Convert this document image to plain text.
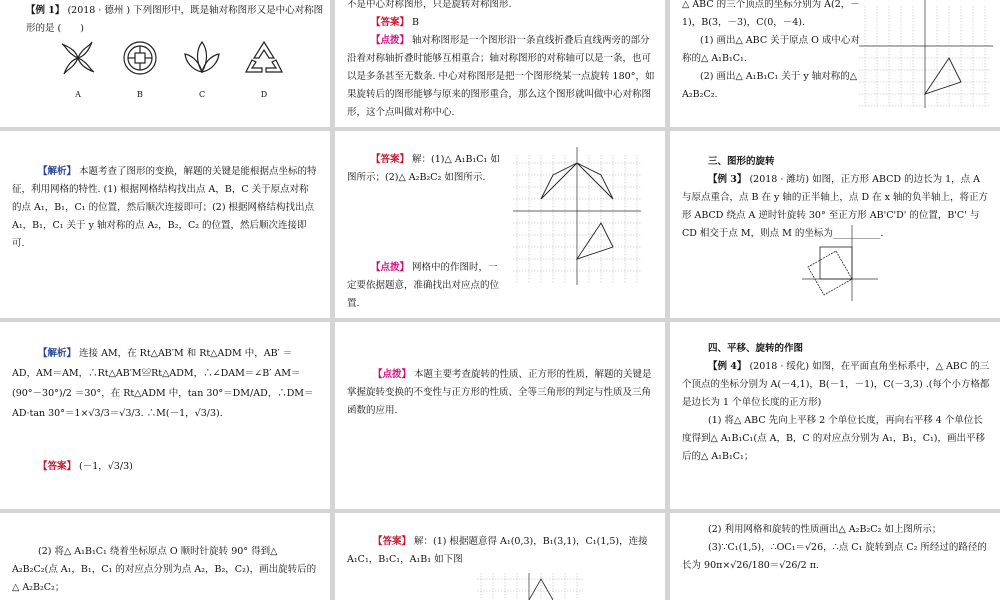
【例 1】 (2018 · 德州 ) 下列图形中，既是轴对称图形又是中心对称图形的是 (　　)
A	B	C	D
不是中心对称图形，只是旋转对称图形.
【答案】 B
【点拨】 轴对称图形是一个图形沿一条直线折叠后直线两旁的部分沿着对称轴折叠时能够互相重合；轴对称图形的对称轴可以是一条，也可以是多条甚至无数条. 中心对称图形是把一个图形绕某一点旋转 180°，如果旋转后的图形能够与原来的图形重合，那么这个图形就叫做中心对称图形，这个点叫做对称中心.
△ ABC 的三个顶点的坐标分别为 A(2，－1)，B(3，－3)，C(0，－4).
(1) 画出△ ABC 关于原点 O 成中心对称的△ A₁B₁C₁.
(2) 画出△ A₁B₁C₁ 关于 y 轴对称的△ A₂B₂C₂.
【解析】 本题考查了图形的变换，解题的关键是能根据点坐标的特征，利用网格的特性. (1) 根据网格结构找出点 A，B，C 关于原点对称的点 A₁，B₁，C₁ 的位置，然后顺次连接即可；(2) 根据网格结构找出点 A₁，B₁，C₁ 关于 y 轴对称的点 A₂，B₂，C₂ 的位置，然后顺次连接即可.
【答案】 解：(1)△ A₁B₁C₁ 如图所示；(2)△ A₂B₂C₂ 如图所示.
【点拨】 网格中的作图时，一定要依据题意，准确找出对应点的位置.
三、图形的旋转
【例 3】 (2018 · 潍坊) 如图，正方形 ABCD 的边长为 1，点 A 与原点重合，点 B 在 y 轴的正半轴上，点 D 在 x 轴的负半轴上，将正方形 ABCD 绕点 A 逆时针旋转 30° 至正方形 AB'C'D' 的位置，B'C' 与 CD 相交于点 M，则点 M 的坐标为__________.
【解析】 连接 AM，在 Rt△AB′M 和 Rt△ADM 中，AB′ ＝ AD，AM＝AM，∴Rt△AB′M≌Rt△ADM，∴∠DAM＝∠B′ AM＝(90°－30°)/2 ＝30°，在 Rt△ADM 中，tan 30°＝DM/AD，∴DM＝AD·tan 30°＝1×√3/3＝√3/3. ∴M(－1，√3/3).
【答案】 (－1，√3/3)
【点拨】 本题主要考查旋转的性质、正方形的性质，解题的关键是掌握旋转变换的不变性与正方形的性质、全等三角形的判定与性质及三角函数的应用.
四、平移、旋转的作图
【例 4】 (2018 · 绥化) 如图，在平面直角坐标系中，△ ABC 的三个顶点的坐标分别为 A(－4,1)，B(－1，－1)，C(－3,3) .(每个小方格都是边长为 1 个单位长度的正方形)
(1) 将△ ABC 先向上平移 2 个单位长度，再向右平移 4 个单位长度得到△ A₁B₁C₁(点 A，B，C 的对应点分别为 A₁，B₁，C₁)，画出平移后的△ A₁B₁C₁；
(2) 将△ A₁B₁C₁ 绕着坐标原点 O 顺时针旋转 90° 得到△ A₂B₂C₂(点 A₁，B₁，C₁ 的对应点分别为点 A₂，B₂，C₂)，画出旋转后的△ A₂B₂C₂；
【答案】 解：(1) 根据题意得 A₁(0,3)，B₁(3,1)，C₁(1,5)，连接 A₁C₁，B₁C₁，A₁B₁ 如下图
(2) 利用网格和旋转的性质画出△ A₂B₂C₂ 如上图所示；
(3)∵C₁(1,5)，∴OC₁＝√26，∴点 C₁ 旋转到点 C₂ 所经过的路径的长为 90π×√26/180＝√26/2 π.
